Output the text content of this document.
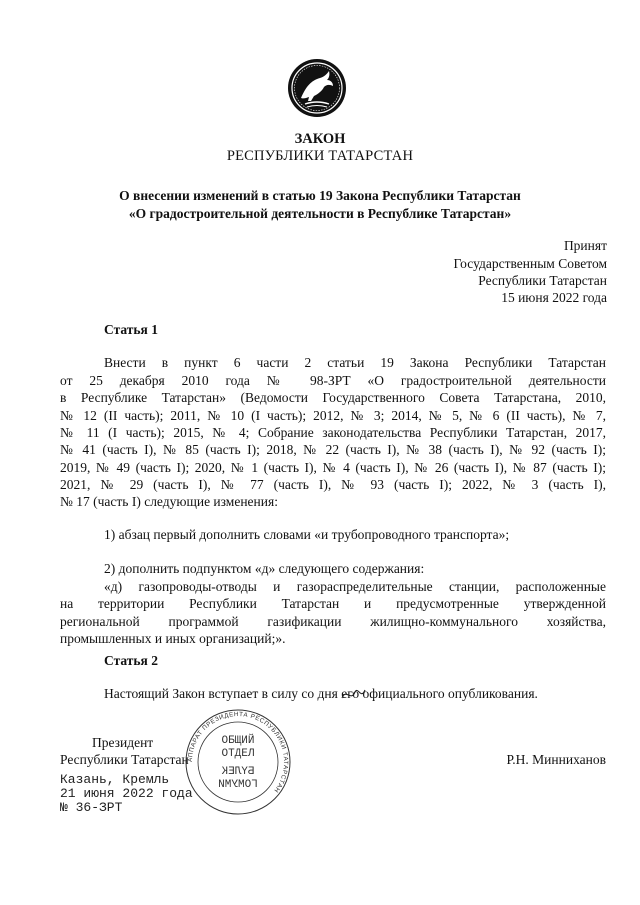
ЗАКОН
РЕСПУБЛИКИ ТАТАРСТАН
О внесении изменений в статью 19 Закона Республики Татарстан
«О градостроительной деятельности в Республике Татарстан»
Принят
Государственным Советом
Республики Татарстан
15 июня 2022 года
Статья 1
Внести в пункт 6 части 2 статьи 19 Закона Республики Татарстан
от 25 декабря 2010 года № 98-ЗРТ «О градостроительной деятельности
в Республике Татарстан» (Ведомости Государственного Совета Татарстана, 2010,
№ 12 (II часть); 2011, № 10 (I часть); 2012, № 3; 2014, № 5, № 6 (II часть), № 7,
№ 11 (I часть); 2015, № 4; Собрание законодательства Республики Татарстан, 2017,
№ 41 (часть I), № 85 (часть I); 2018, № 22 (часть I), № 38 (часть I), № 92 (часть I);
2019, № 49 (часть I); 2020, № 1 (часть I), № 4 (часть I), № 26 (часть I), № 87 (часть I);
2021, № 29 (часть I), № 77 (часть I), № 93 (часть I); 2022, № 3 (часть I),
№ 17 (часть I) следующие изменения:
1) абзац первый дополнить словами «и трубопроводного транспорта»;
2) дополнить подпунктом «д» следующего содержания:
«д) газопроводы-отводы и газораспределительные станции, расположенные
на территории Республики Татарстан и предусмотренные утвержденной
региональной программой газификации жилищно-коммунального хозяйства,
промышленных и иных организаций;».
Статья 2
Настоящий Закон вступает в силу со дня его официального опубликования.
Президент
Республики Татарстан	Р.Н. Минниханов
Казань, Кремль
21 июня 2022 года
№ 36-ЗРТ
АППАРАТ ПРЕЗИДЕНТА РЕСПУБЛИКИ ТАТАРСТАН
ОБЩИЙ
ОТДЕЛ
БҮЛЕК
ГОМУМИ
